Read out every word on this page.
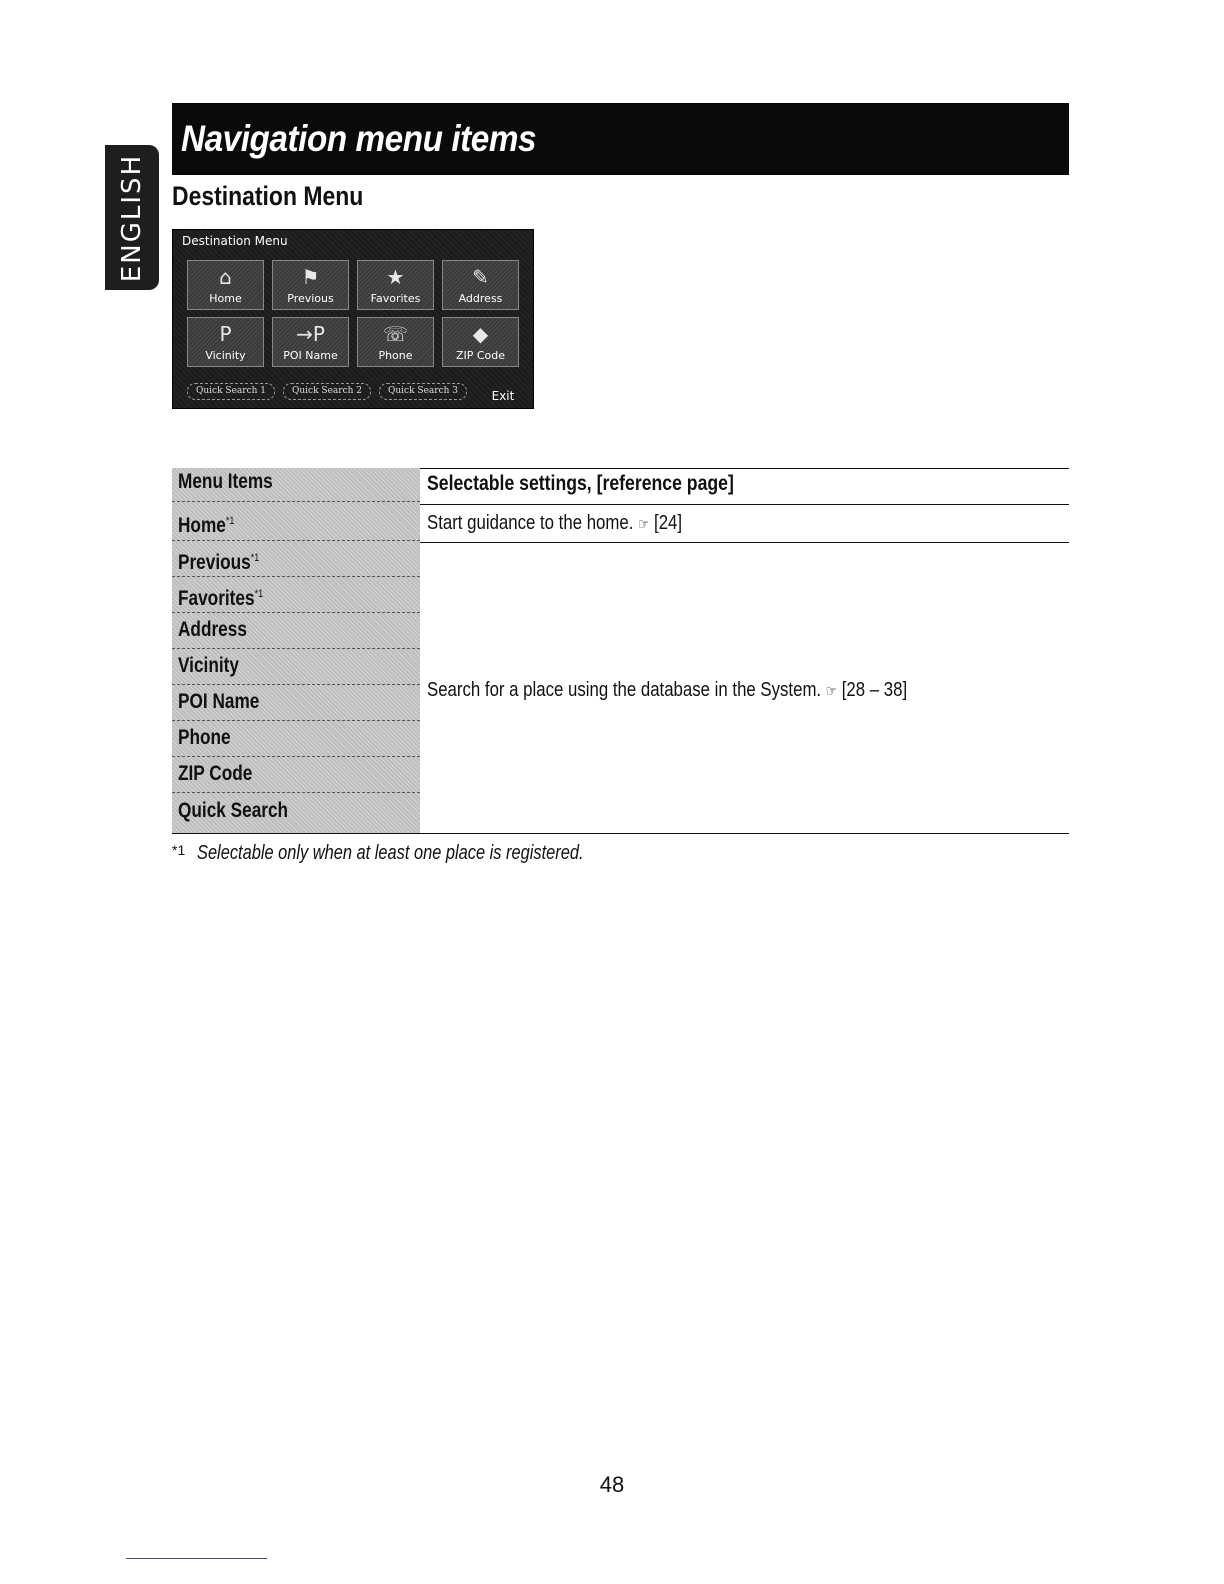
ENGLISH
Navigation menu items
Destination Menu
Destination Menu
⌂
Home
⚑
Previous
★
Favorites
✎
Address
P
Vicinity
→P
POI Name
☏
Phone
◆
ZIP Code
Quick Search 1	Quick Search 2	Quick Search 3	Exit
Menu Items	Selectable settings, [reference page]
Home$^{*1}$	Start guidance to the home. ☞ [24]
Previous$^{*1}$
Favorites$^{*1}$
Address
Vicinity
POI Name
Phone
ZIP Code
Quick Search
Search for a place using the database in the System. ☞ [28 – 38]
$^{*1}$ Selectable only when at least one place is registered.
48
